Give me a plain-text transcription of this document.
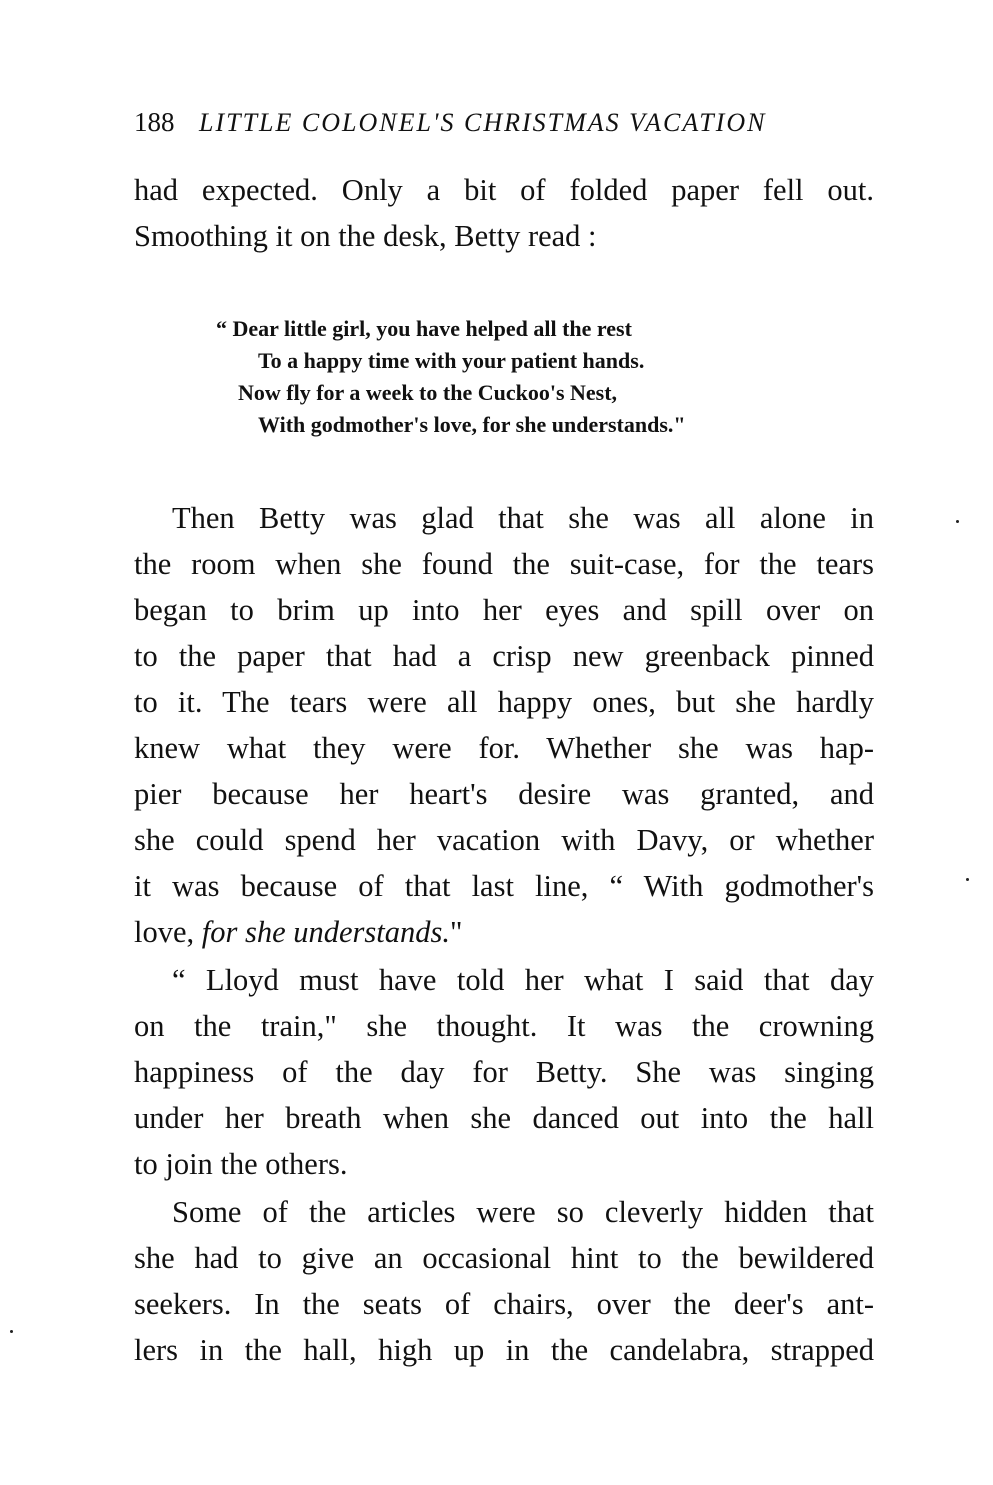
188 LITTLE COLONEL'S CHRISTMAS VACATION
had expected. Only a bit of folded paper fell out.
Smoothing it on the desk, Betty read :
“ Dear little girl, you have helped all the rest
To a happy time with your patient hands.
Now fly for a week to the Cuckoo's Nest,
With godmother's love, for she understands."
Then Betty was glad that she was all alone in
the room when she found the suit-case, for the tears
began to brim up into her eyes and spill over on
to the paper that had a crisp new greenback pinned
to it. The tears were all happy ones, but she hardly
knew what they were for. Whether she was hap-
pier because her heart's desire was granted, and
she could spend her vacation with Davy, or whether
it was because of that last line, “ With godmother's
love, for she understands."
“ Lloyd must have told her what I said that day
on the train," she thought. It was the crowning
happiness of the day for Betty. She was singing
under her breath when she danced out into the hall
to join the others.
Some of the articles were so cleverly hidden that
she had to give an occasional hint to the bewildered
seekers. In the seats of chairs, over the deer's ant-
lers in the hall, high up in the candelabra, strapped
